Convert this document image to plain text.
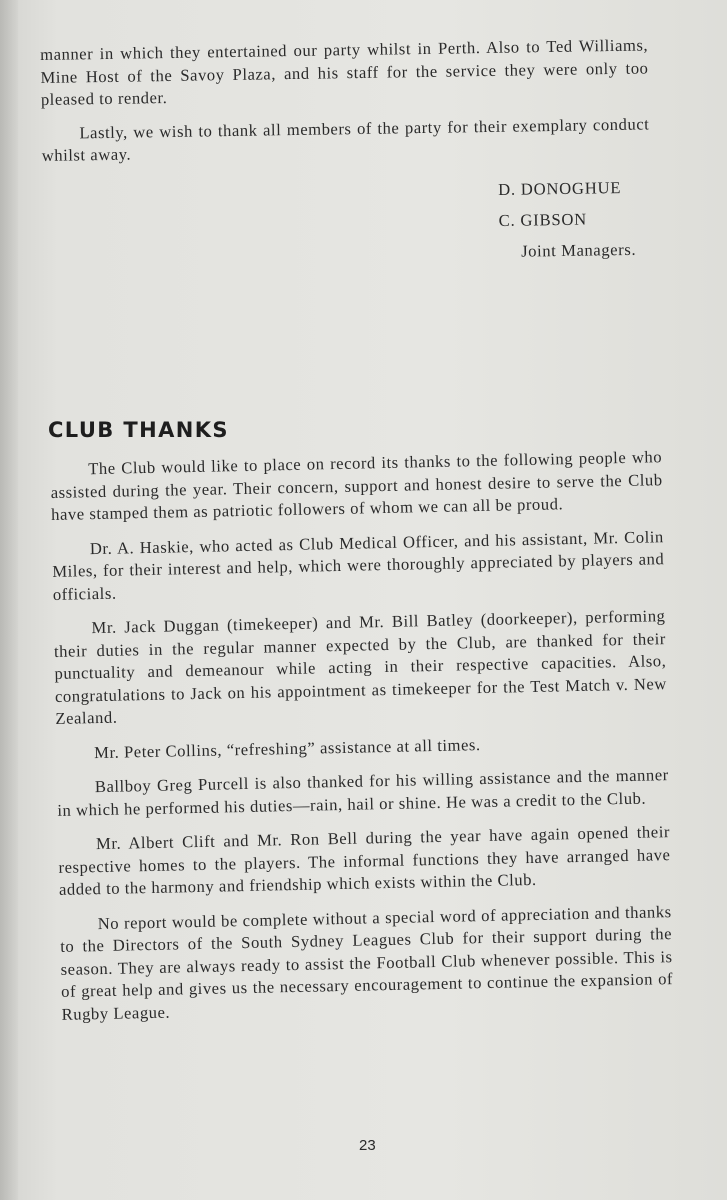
manner in which they entertained our party whilst in Perth. Also to Ted Williams, Mine Host of the Savoy Plaza, and his staff for the service they were only too pleased to render.

Lastly, we wish to thank all members of the party for their exemplary conduct whilst away.

D. DONOGHUE
C. GIBSON
Joint Managers.
CLUB THANKS

The Club would like to place on record its thanks to the following people who assisted during the year. Their concern, support and honest desire to serve the Club have stamped them as patriotic followers of whom we can all be proud.

Dr. A. Haskie, who acted as Club Medical Officer, and his assistant, Mr. Colin Miles, for their interest and help, which were thoroughly appreciated by players and officials.

Mr. Jack Duggan (timekeeper) and Mr. Bill Batley (doorkeeper), performing their duties in the regular manner expected by the Club, are thanked for their punctuality and demeanour while acting in their respective capacities. Also, congratulations to Jack on his appointment as timekeeper for the Test Match v. New Zealand.

Mr. Peter Collins, “refreshing” assistance at all times.

Ballboy Greg Purcell is also thanked for his willing assistance and the manner in which he performed his duties—rain, hail or shine. He was a credit to the Club.

Mr. Albert Clift and Mr. Ron Bell during the year have again opened their respective homes to the players. The informal functions they have arranged have added to the harmony and friendship which exists within the Club.

No report would be complete without a special word of appreciation and thanks to the Directors of the South Sydney Leagues Club for their support during the season. They are always ready to assist the Football Club whenever possible. This is of great help and gives us the necessary encouragement to continue the expansion of Rugby League.

23
